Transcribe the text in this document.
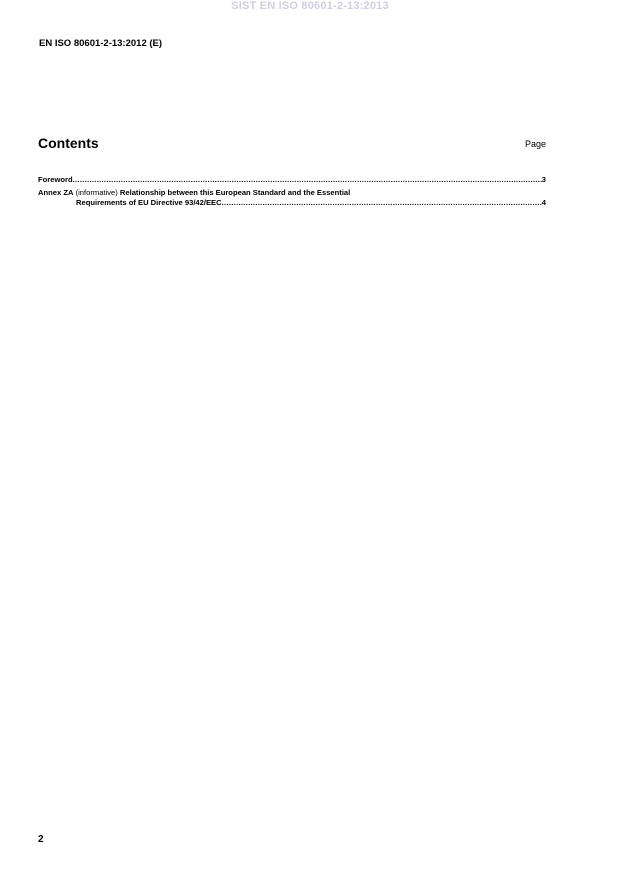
SIST EN ISO 80601-2-13:2013
EN ISO 80601-2-13:2012 (E)
Contents	Page
Foreword .....	3
Annex ZA (informative) Relationship between this European Standard and the Essential
Requirements of EU Directive 93/42/EEC .....	4
2
